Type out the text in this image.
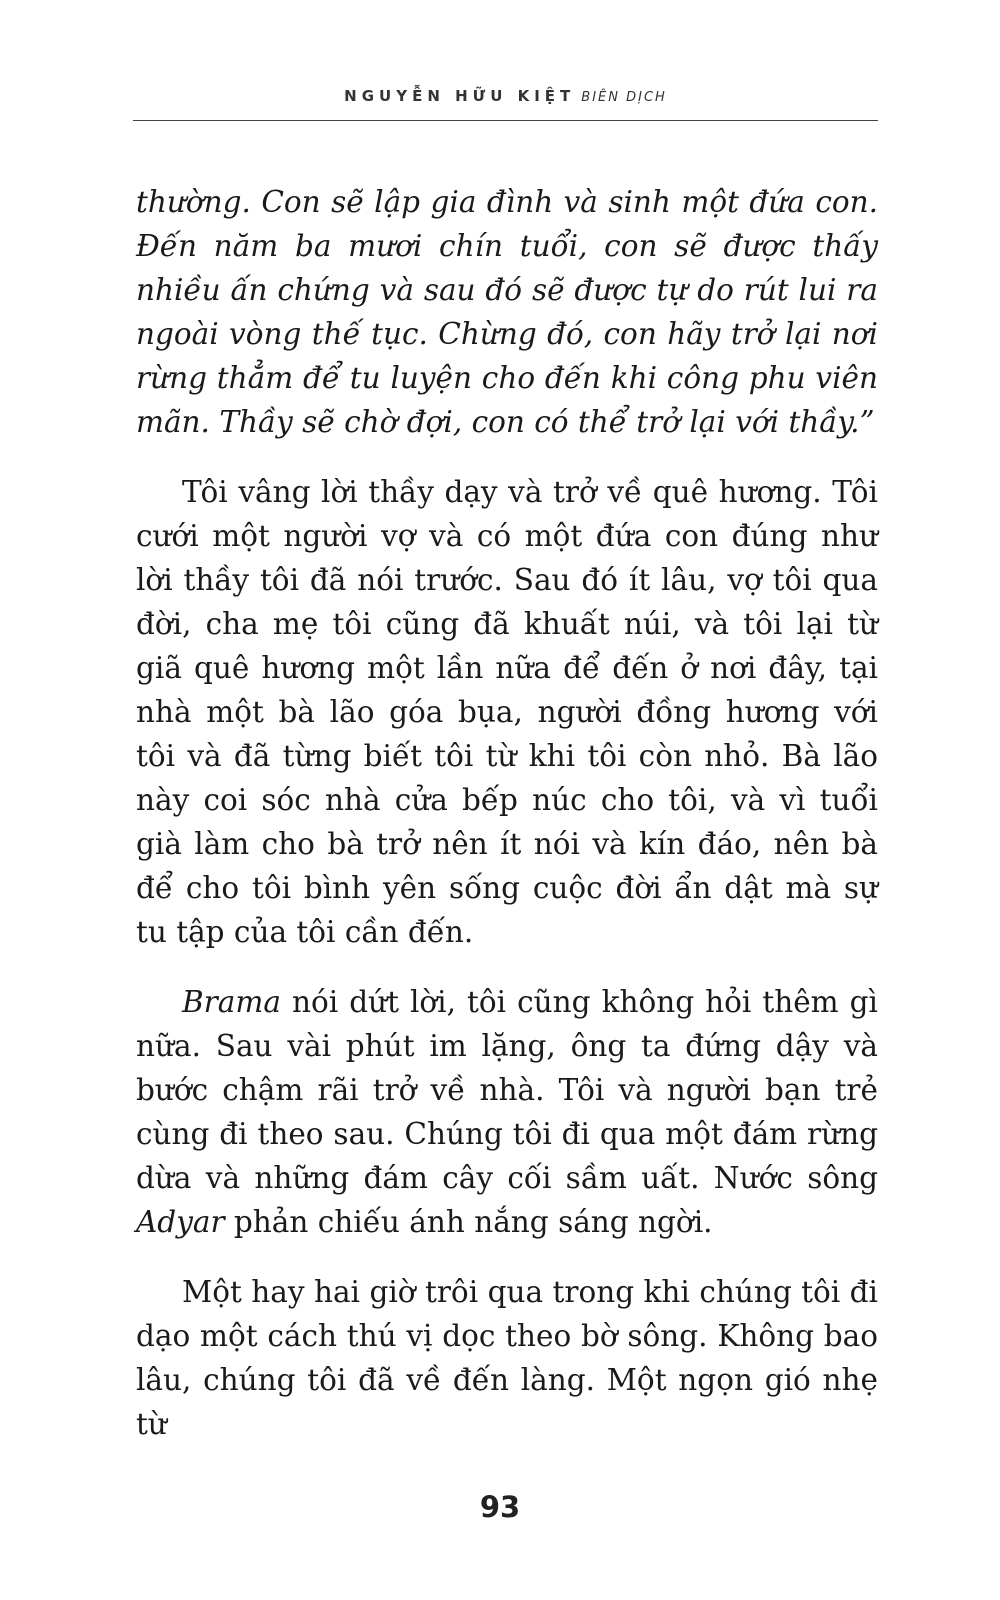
NGUYỄN HỮU KIỆT BIÊN DỊCH

thường. Con sẽ lập gia đình và sinh một đứa con. Đến năm ba mươi chín tuổi, con sẽ được thấy nhiều ấn chứng và sau đó sẽ được tự do rút lui ra ngoài vòng thế tục. Chừng đó, con hãy trở lại nơi rừng thẳm để tu luyện cho đến khi công phu viên mãn. Thầy sẽ chờ đợi, con có thể trở lại với thầy.”

Tôi vâng lời thầy dạy và trở về quê hương. Tôi cưới một người vợ và có một đứa con đúng như lời thầy tôi đã nói trước. Sau đó ít lâu, vợ tôi qua đời, cha mẹ tôi cũng đã khuất núi, và tôi lại từ giã quê hương một lần nữa để đến ở nơi đây, tại nhà một bà lão góa bụa, người đồng hương với tôi và đã từng biết tôi từ khi tôi còn nhỏ. Bà lão này coi sóc nhà cửa bếp núc cho tôi, và vì tuổi già làm cho bà trở nên ít nói và kín đáo, nên bà để cho tôi bình yên sống cuộc đời ẩn dật mà sự tu tập của tôi cần đến.

Brama nói dứt lời, tôi cũng không hỏi thêm gì nữa. Sau vài phút im lặng, ông ta đứng dậy và bước chậm rãi trở về nhà. Tôi và người bạn trẻ cùng đi theo sau. Chúng tôi đi qua một đám rừng dừa và những đám cây cối sầm uất. Nước sông Adyar phản chiếu ánh nắng sáng ngời.

Một hay hai giờ trôi qua trong khi chúng tôi đi dạo một cách thú vị dọc theo bờ sông. Không bao lâu, chúng tôi đã về đến làng. Một ngọn gió nhẹ từ

93
